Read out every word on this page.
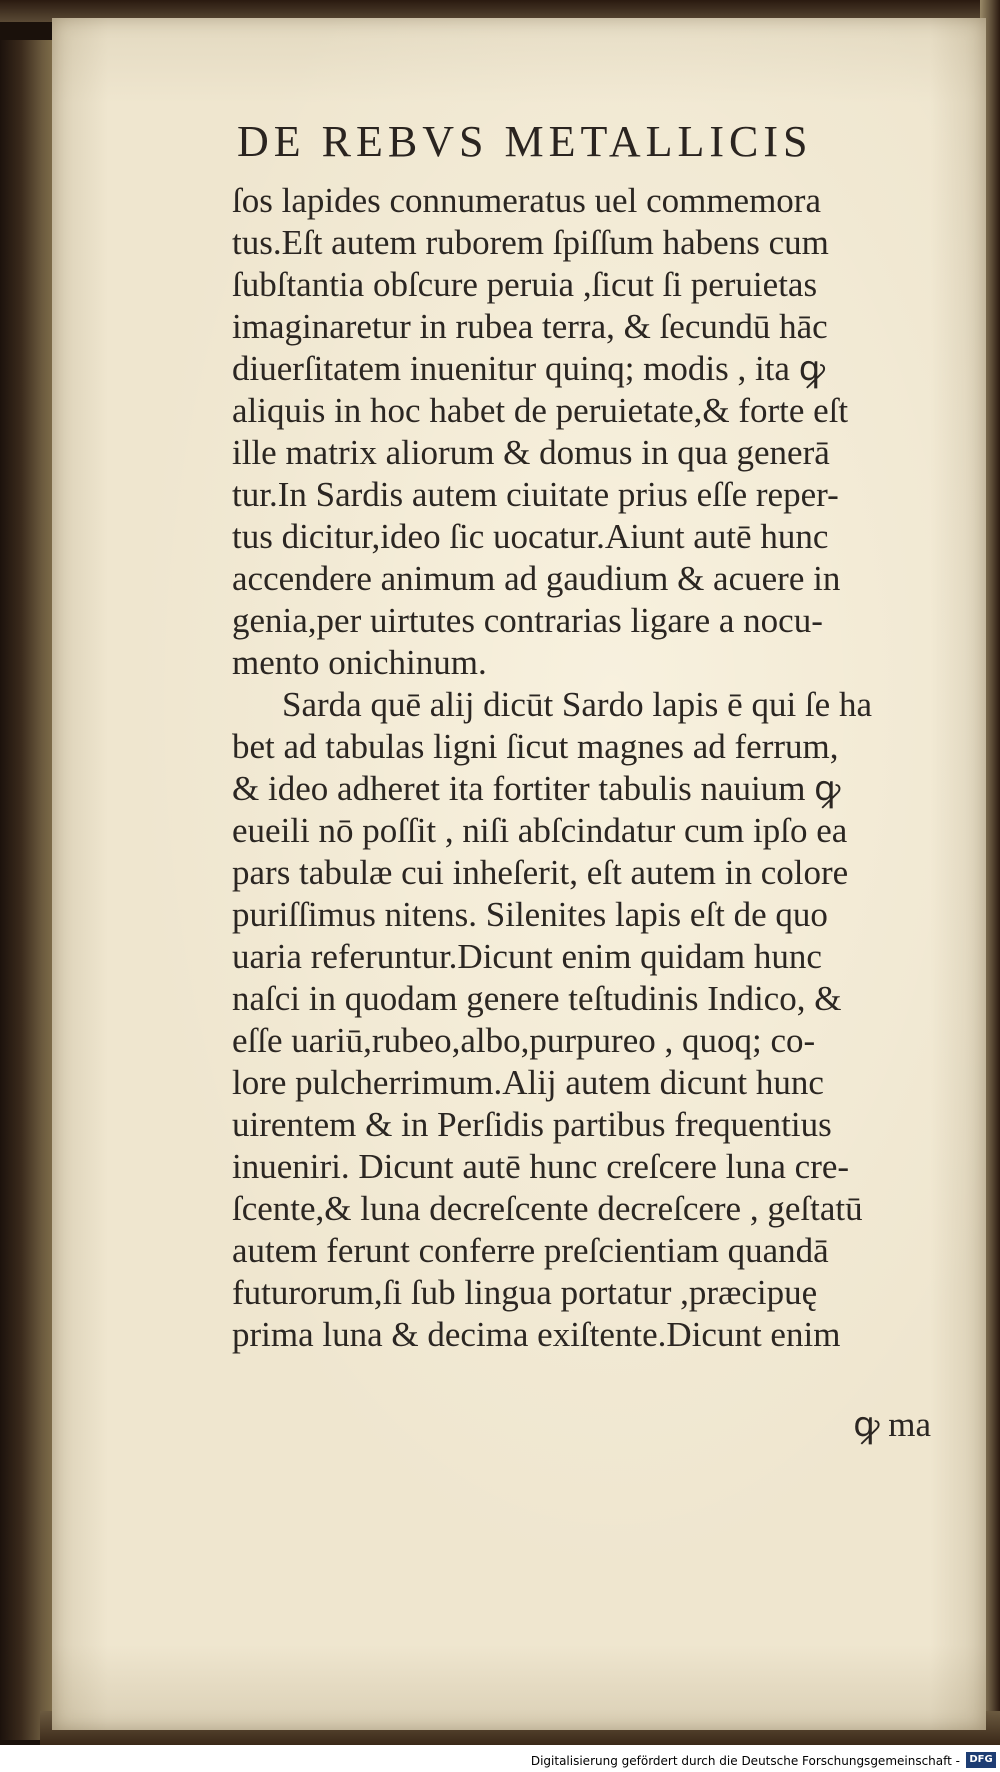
DE REBVS METALLICIS
ſos lapides connumeratus uel commemora
tus.Eſt autem ruborem ſpiſſum habens cum
ſubſtantia obſcure peruia ,ſicut ſi peruietas
imaginaretur in rubea terra, & ſecundū hāc
diuerſitatem inuenitur quinq; modis , ita ꝙ
aliquis in hoc habet de peruietate,& forte eſt
ille matrix aliorum & domus in qua generā
tur.In Sardis autem ciuitate prius eſſe reper-
tus dicitur,ideo ſic uocatur.Aiunt autē hunc
accendere animum ad gaudium & acuere in
genia,per uirtutes contrarias ligare a nocu-
mento onichinum.
Sarda quē alij dicūt Sardo lapis ē qui ſe ha
bet ad tabulas ligni ſicut magnes ad ferrum,
& ideo adheret ita fortiter tabulis nauium ꝙ
eueili nō poſſit , niſi abſcindatur cum ipſo ea
pars tabulæ cui inheſerit, eſt autem in colore
puriſſimus nitens. Silenites lapis eſt de quo
uaria referuntur.Dicunt enim quidam hunc
naſci in quodam genere teſtudinis Indico, &
eſſe uariū,rubeo,albo,purpureo , quoq; co-
lore pulcherrimum.Alij autem dicunt hunc
uirentem & in Perſidis partibus frequentius
inueniri. Dicunt autē hunc creſcere luna cre-
ſcente,& luna decreſcente decreſcere , geſtatū
autem ferunt conferre preſcientiam quandā
futurorum,ſi ſub lingua portatur ,præcipuę
prima luna & decima exiſtente.Dicunt enim
ꝙ ma
Digitalisierung gefördert durch die Deutsche Forschungsgemeinschaft - DFG
